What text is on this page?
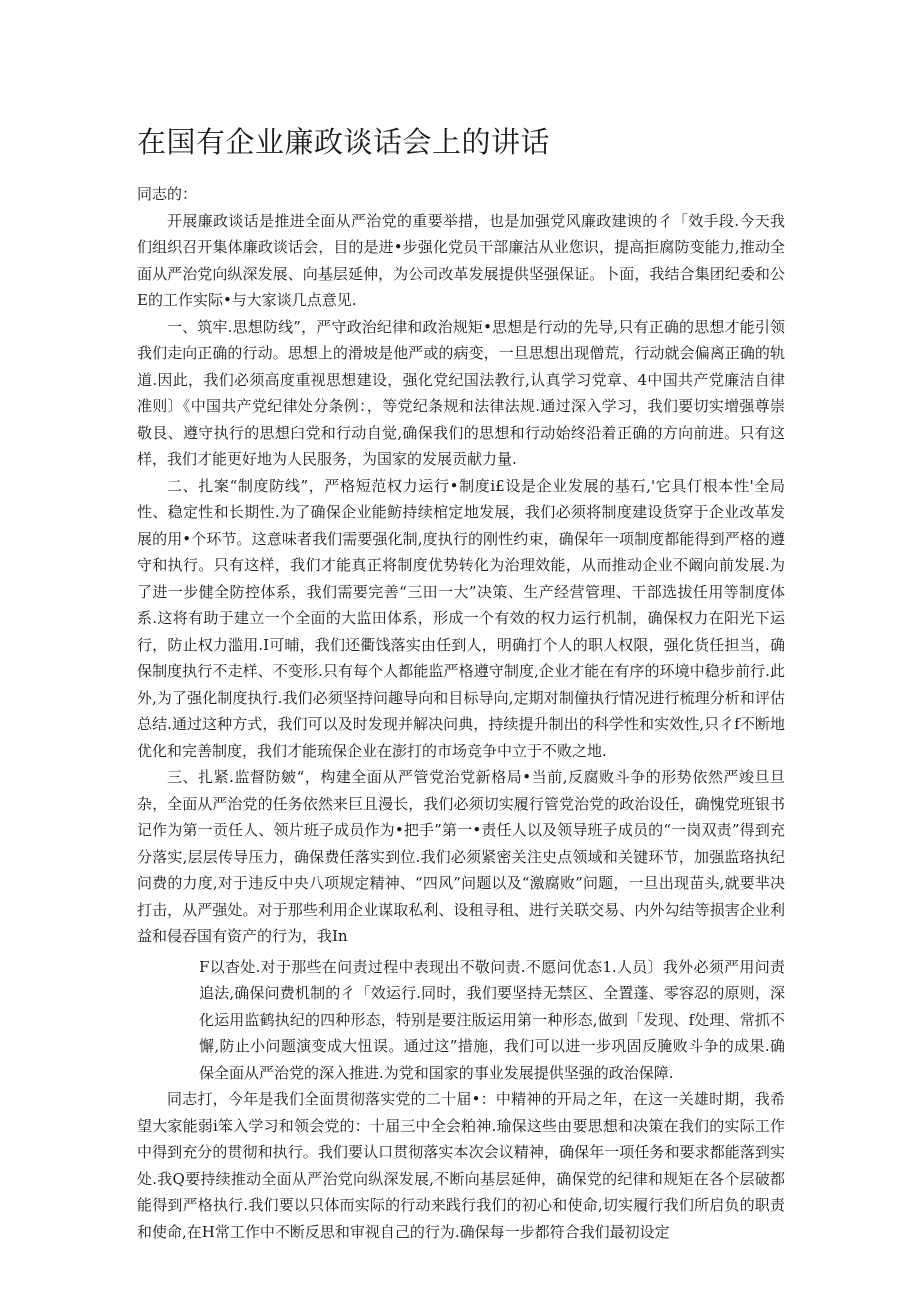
在国有企业廉政谈话会上的讲话

同志的：

开展廉政谈话是推进全面从严治党的重要举措，也是加强党风廉政建谀的彳「效手段.今天我们组织召开集体廉政谈话会，目的是进•步强化党员干部廉沽从业您识，提高拒腐防变能力,推动全面从严治党向纵深发展、向基层延伸，为公司改革发展提供坚强保证。卜面，我结合集团纪委和公E的工作实际•与大家谈几点意见.

一、筑牢.思想防线”，严守政治纪律和政治规矩•思想是行动的先导,只有正确的思想才能引领我们走向正确的行动。思想上的滑坡是他严或的病变，一旦思想出现僧荒，行动就会偏离正确的轨道.因此，我们必须高度重视思想建设，强化党纪国法教行,认真学习党章、4中国共产党廉洁自律准则〕《中国共产党纪律处分条例：，等党纪条规和法律法规.通过深入学习，我们要切实增强尊崇敬艮、遵守执行的思想臼党和行动自觉,确保我们的思想和行动始终沿着正确的方向前进。只有这样，我们才能更好地为人民服务，为国家的发展贡献力量.

二、扎案“制度防线”，严格短范权力运行•制度i£设是企业发展的基石,'它具仃根本性'全局性、稳定性和长期性.为了确保企业能鲂持续棺定地发展，我们必须将制度建设货穿于企业改革发展的用•个环节。这意味者我们需要强化制,度执行的刚性约束，确保年一项制度都能得到严格的遵守和执行。只有这样，我们才能真正将制度优势转化为治理效能，从而推动企业不阚向前发展.为了进一步健全防控体系，我们需要完善“三田一大”决策、生产经营管理、干部选拔任用等制度体系.这将有助于建立一个全面的大监田体系，形成一个有效的权力运行机制，确保权力在阳光下运行，防止权力滥用.I可晡，我们还衢饯落实由任到人，明确打个人的职人权限，强化货任担当，确保制度执行不走样、不变形.只有每个人都能监严格遵守制度,企业才能在有序的环境中稳步前行.此外,为了强化制度执行.我们必须坚持问趣导向和目标导向,定期对制僮执行情况进行梳理分析和评估总结.通过这种方式，我们可以及时发现并解决问典，持续提升制出的科学性和实效性,只彳f不断地优化和完善制度，我们才能琉保企业在澎打的市场竞争中立于不败之地.

三、扎紧.监督防皴“，构建全面从严管党治党新格局•当前,反腐败斗争的形势依然严竣旦旦杂，全面从严治党的任务依然来巨且漫长，我们必须切实履行管党治党的政治设任，确愧党班银书记作为第一贡任人、领片班子成员作为•把手”第一•责任人以及领导班子成员的“一岗双责”得到充分落实,层层传导压力，确保费任落实到位.我们必须紧密关注史点领域和关键环节，加强监珞执纪问费的力度,对于违反中央八项规定精神、“四风”问题以及“激腐败”问题，一旦出现苗头,就要芈决打击，从严强处。对于那些利用企业谋取私利、设租寻租、进行关联交易、内外勾结等损害企业利益和侵吞国有资产的行为，我In

F以杳处.对于那些在问责过程中表现出不敬问责.不愿问优态1.人员〕我外必须严用问责追法,确保问费机制的彳「效运行.同时，我们要坚持无禁区、全置蓬、零容忍的原则，深化运用监鹤执纪的四种形态，特别是要注版运用第一种形态,做到「发现、f处理、常抓不懈,防止小问题演变成大忸误。通过这”措施，我们可以进一步巩固反腌败斗争的成果.确保全面从严治党的深入推进.为党和国家的事业发展提供坚强的政治保障.

同志打，今年是我们全面贯彻落实党的二十届•：中精神的开局之年，在这一关雄时期，我希望大家能弱i笨入学习和领会党的：十届三中全会粕神.瑜保这些由要思想和决策在我们的实际工作中得到充分的贯彻和执行。我们要认口贯彻落实本次会议精神，确保年一项任务和要求都能落到实处.我Q要持续推动全面从严治党向纵深发展,不断向基层延伸，确保党的纪律和规矩在各个层破都能得到严格执行.我们要以只体而实际的行动来践行我们的初心和使命,切实履行我们所启负的职责和使命,在H常工作中不断反思和审视自己的行为.确保每一步都符合我们最初设定
